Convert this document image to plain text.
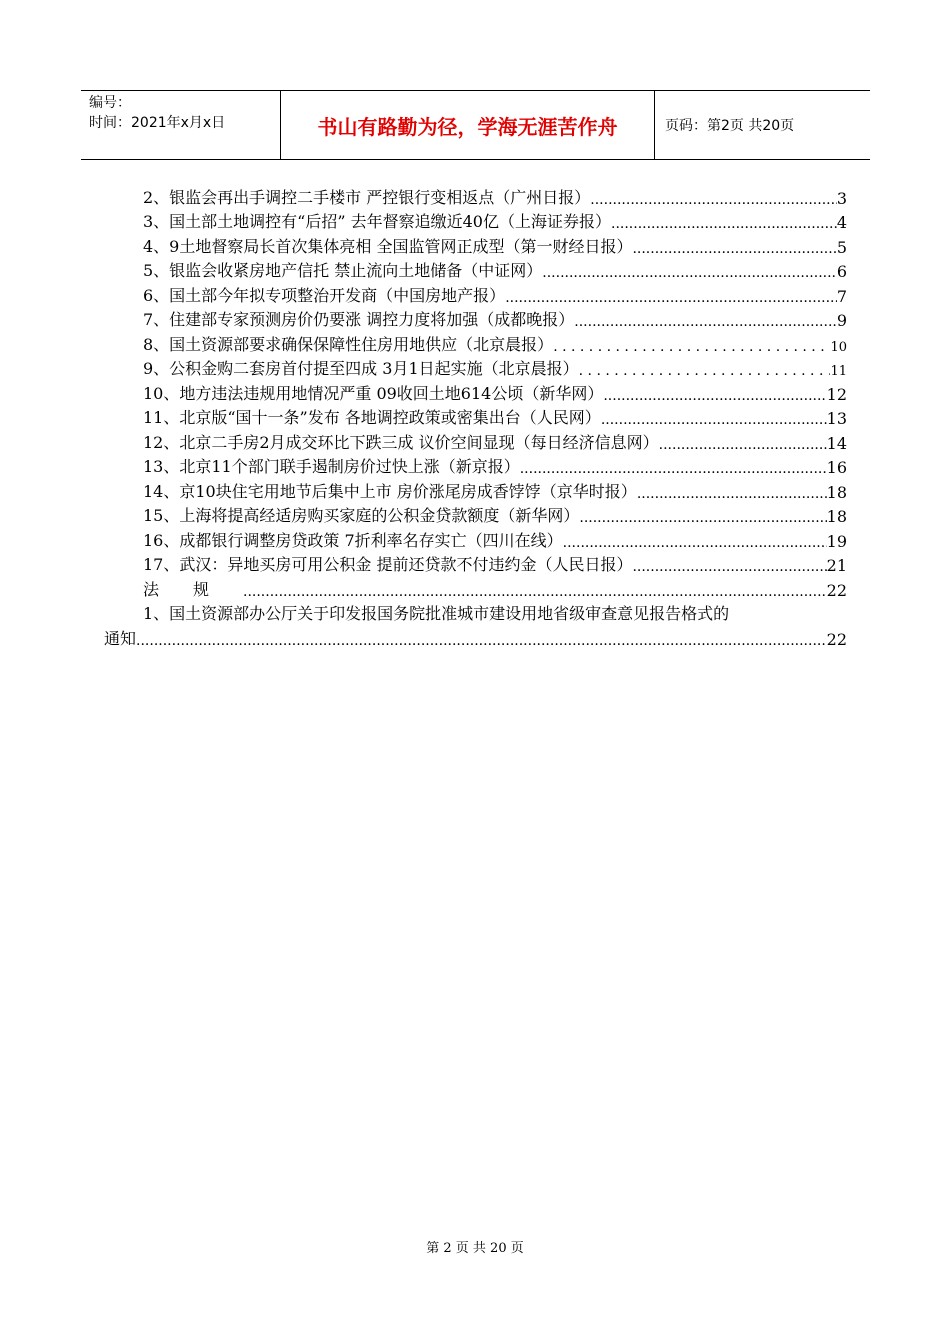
编号：
时间：2021年x月x日	书山有路勤为径，学海无涯苦作舟	页码：第2页 共20页
2、银监会再出手调控二手楼市 严控银行变相返点（广州日报） .....	3
3、国土部土地调控有“后招” 去年督察追缴近40亿（上海证券报） .....	4
4、9土地督察局长首次集体亮相 全国监管网正成型（第一财经日报） .....	5
5、银监会收紧房地产信托 禁止流向土地储备（中证网） .....	6
6、国土部今年拟专项整治开发商（中国房地产报） .....	7
7、住建部专家预测房价仍要涨 调控力度将加强（成都晚报） .....	9
8、国土资源部要求确保保障性住房用地供应（北京晨报） . . .	10
9、公积金购二套房首付提至四成 3月1日起实施（北京晨报） . . .	11
10、地方违法违规用地情况严重 09收回土地614公顷（新华网） .....	12
11、北京版“国十一条”发布 各地调控政策或密集出台（人民网） .....	13
12、北京二手房2月成交环比下跌三成 议价空间显现（每日经济信息网） .....	14
13、北京11个部门联手遏制房价过快上涨（新京报） .....	16
14、京10块住宅用地节后集中上市 房价涨尾房成香饽饽（京华时报） .....	18
15、上海将提高经适房购买家庭的公积金贷款额度（新华网） .....	18
16、成都银行调整房贷政策 7折利率名存实亡（四川在线） .....	19
17、武汉：异地买房可用公积金 提前还贷款不付违约金（人民日报） .....	21
法 规 .....	22
1、国土资源部办公厅关于印发报国务院批准城市建设用地省级审查意见报告格式的
通知 .....	22
第 2 页 共 20 页
